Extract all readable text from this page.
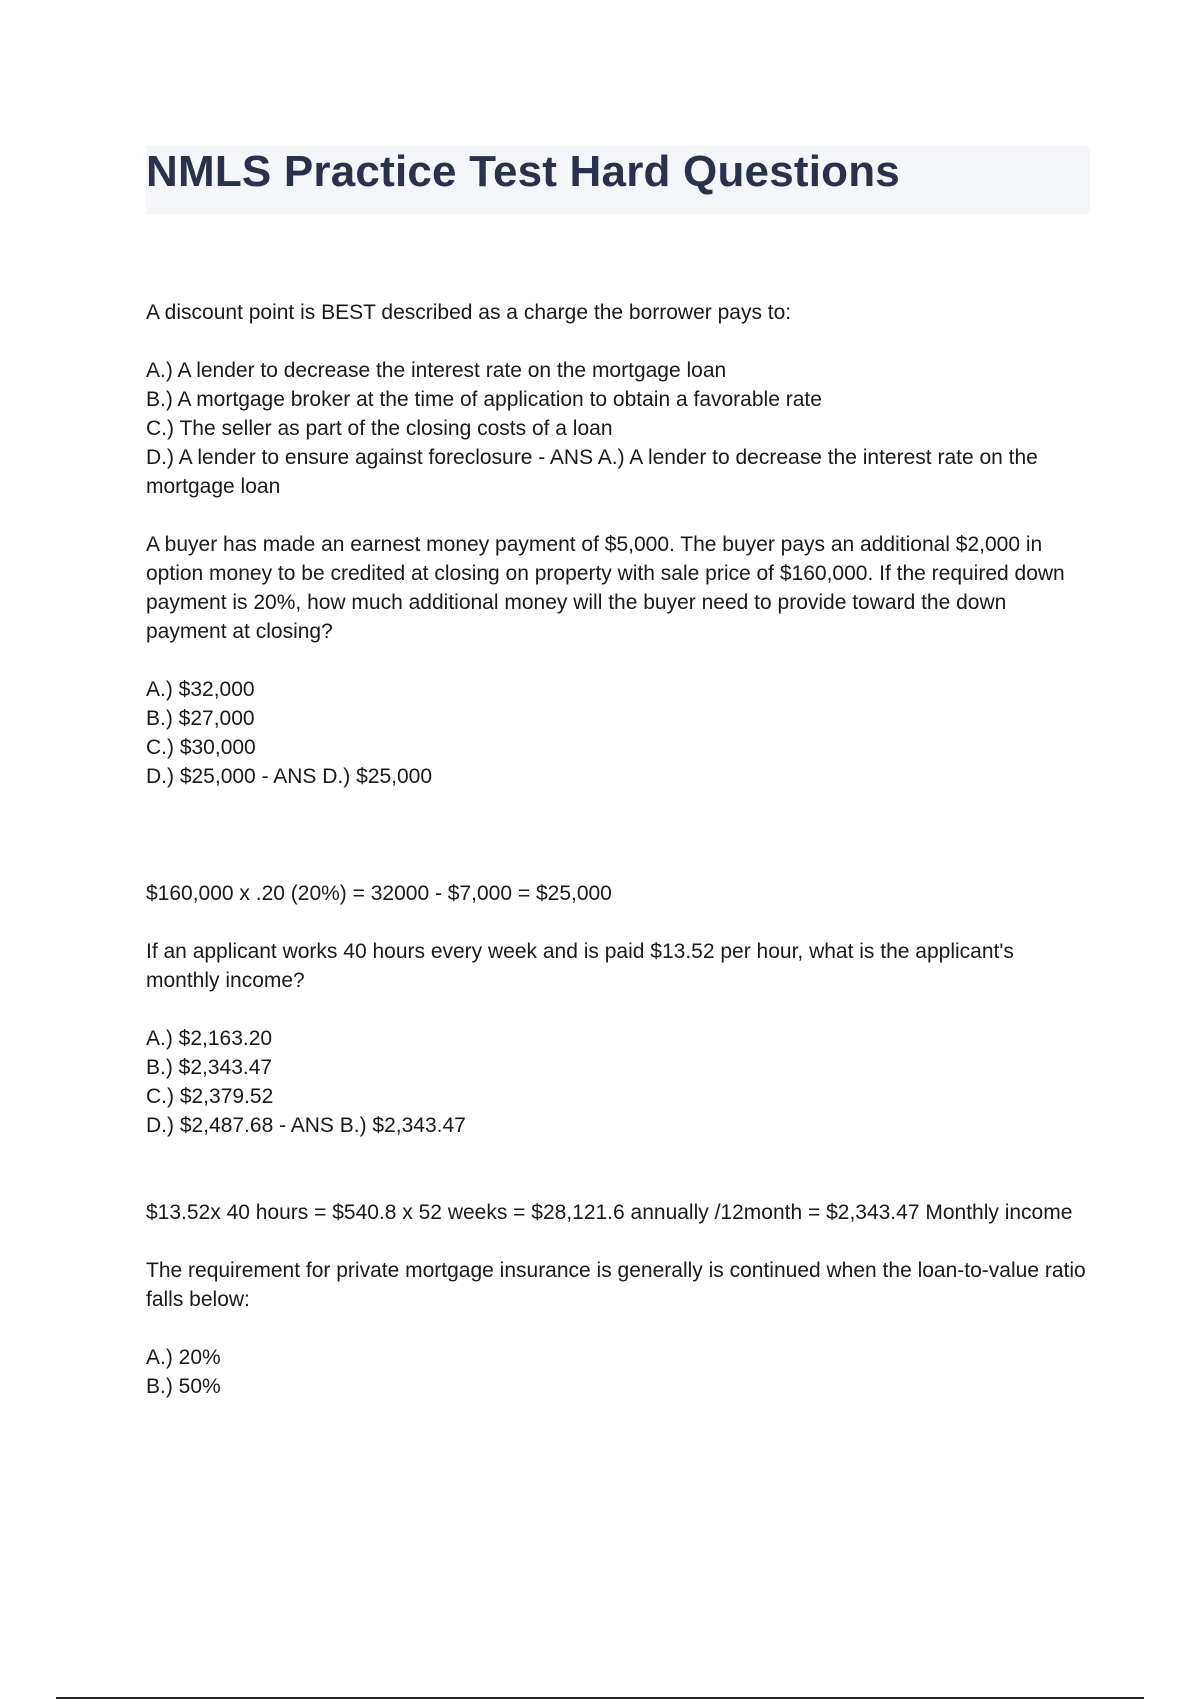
NMLS Practice Test Hard Questions

A discount point is BEST described as a charge the borrower pays to:

A.) A lender to decrease the interest rate on the mortgage loan
B.) A mortgage broker at the time of application to obtain a favorable rate
C.) The seller as part of the closing costs of a loan
D.) A lender to ensure against foreclosure - ANS A.) A lender to decrease the interest rate on the mortgage loan

A buyer has made an earnest money payment of $5,000. The buyer pays an additional $2,000 in option money to be credited at closing on property with sale price of $160,000. If the required down payment is 20%, how much additional money will the buyer need to provide toward the down payment at closing?

A.) $32,000
B.) $27,000
C.) $30,000
D.) $25,000 - ANS D.) $25,000

$160,000 x .20 (20%) = 32000 - $7,000 = $25,000

If an applicant works 40 hours every week and is paid $13.52 per hour, what is the applicant's monthly income?

A.) $2,163.20
B.) $2,343.47
C.) $2,379.52
D.) $2,487.68 - ANS B.) $2,343.47

$13.52x 40 hours = $540.8 x 52 weeks = $28,121.6 annually /12month = $2,343.47 Monthly income

The requirement for private mortgage insurance is generally is continued when the loan-to-value ratio falls below:

A.) 20%
B.) 50%
